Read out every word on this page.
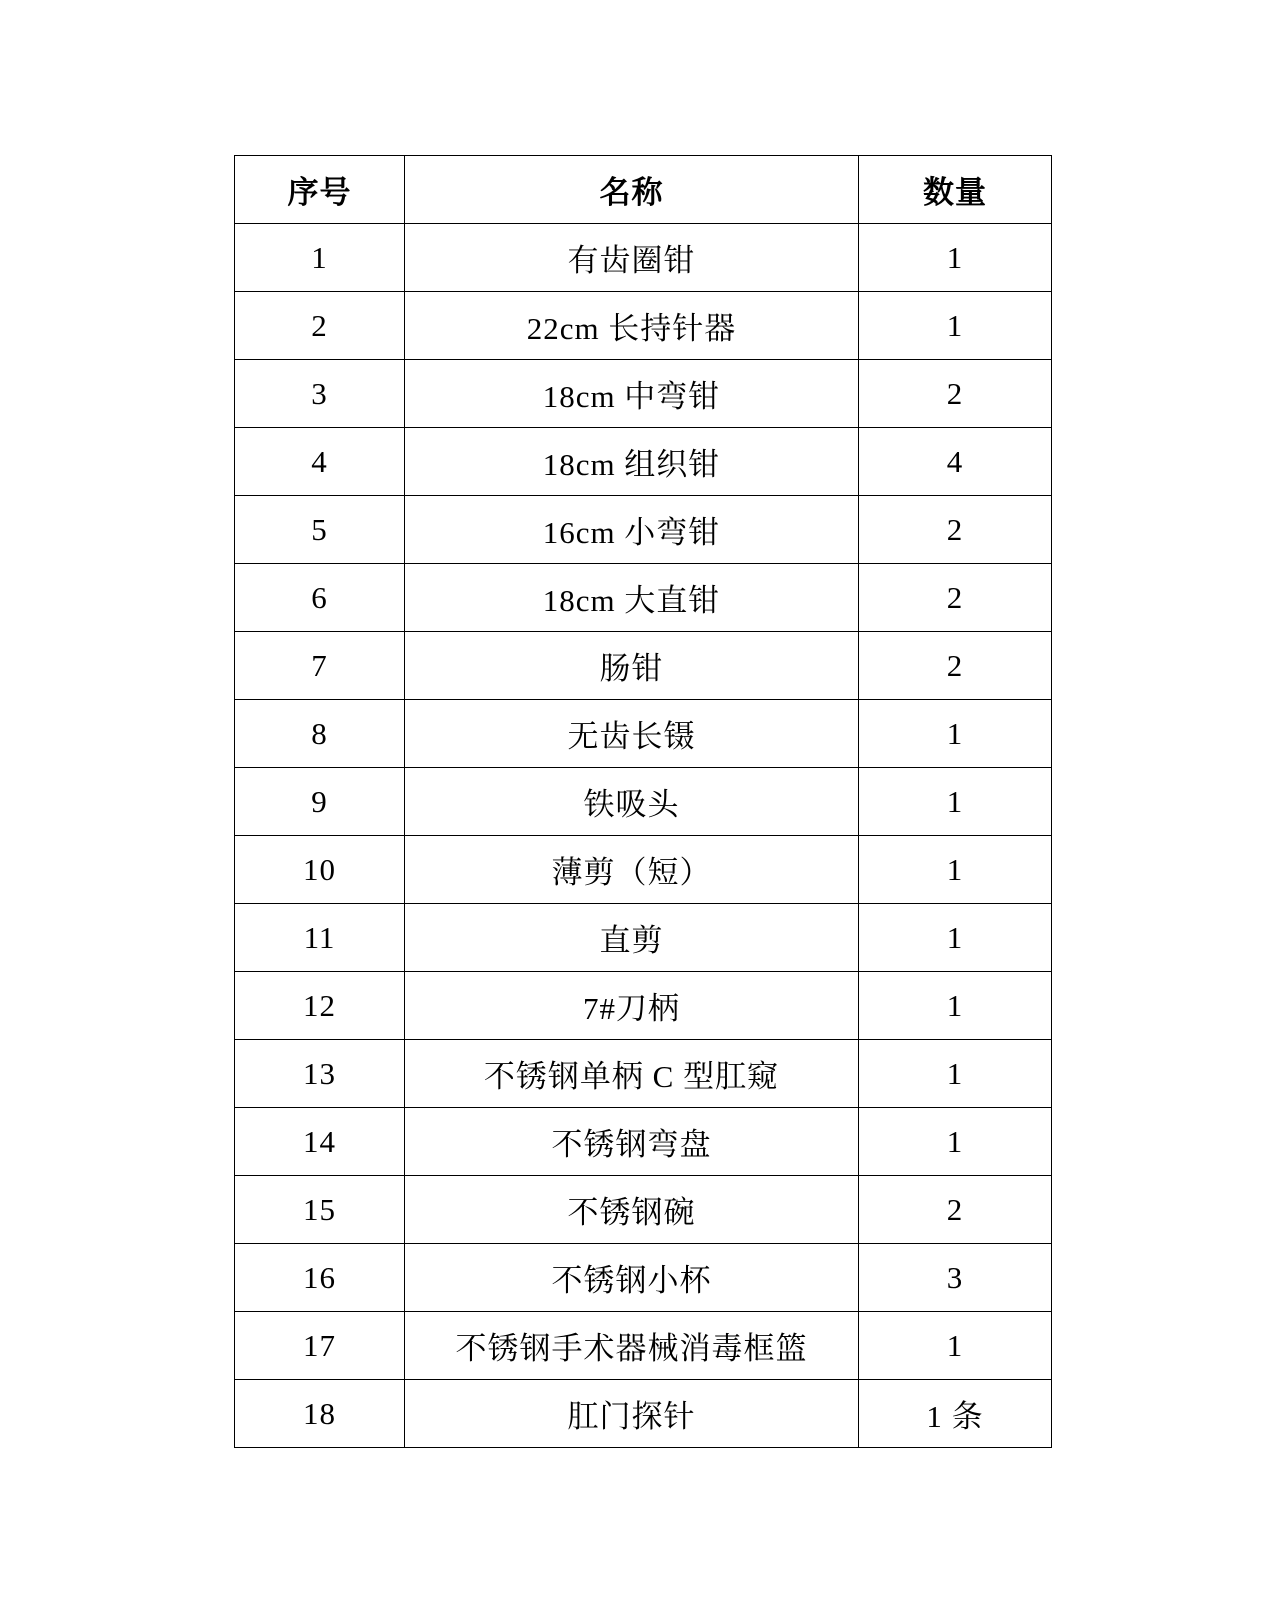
序号	名称	数量
1	有齿圈钳	1
2	22cm 长持针器	1
3	18cm 中弯钳	2
4	18cm 组织钳	4
5	16cm 小弯钳	2
6	18cm 大直钳	2
7	肠钳	2
8	无齿长镊	1
9	铁吸头	1
10	薄剪（短）	1
11	直剪	1
12	7#刀柄	1
13	不锈钢单柄 C 型肛窥	1
14	不锈钢弯盘	1
15	不锈钢碗	2
16	不锈钢小杯	3
17	不锈钢手术器械消毒框篮	1
18	肛门探针	1 条
